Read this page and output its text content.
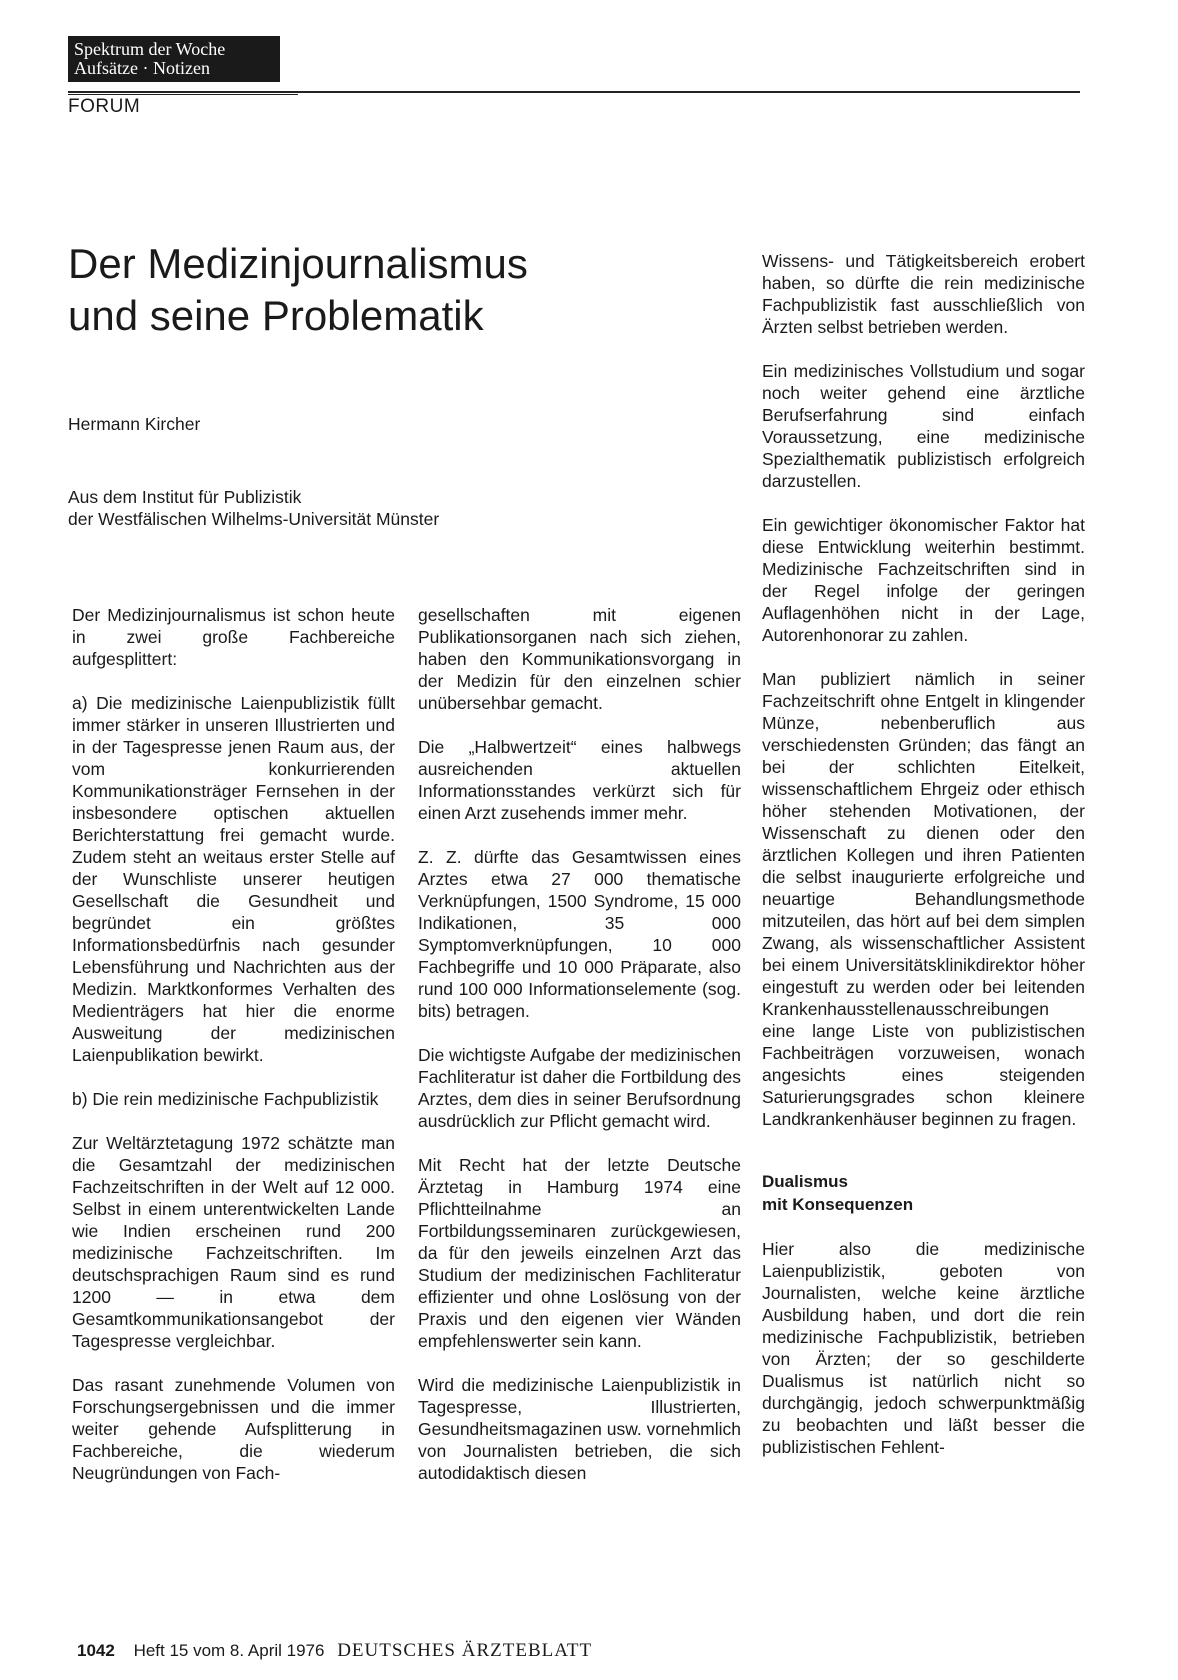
Spektrum der Woche
Aufsätze · Notizen
FORUM
Der Medizinjournalismus
und seine Problematik
Hermann Kircher
Aus dem Institut für Publizistik
der Westfälischen Wilhelms-Universität Münster

Der Medizinjournalismus ist schon heute in zwei große Fachbereiche aufgesplittert:

a) Die medizinische Laienpublizistik füllt immer stärker in unseren Illustrierten und in der Tagespresse jenen Raum aus, der vom konkurrierenden Kommunikationsträger Fernsehen in der insbesondere optischen aktuellen Berichterstattung frei gemacht wurde. Zudem steht an weitaus erster Stelle auf der Wunschliste unserer heutigen Gesellschaft die Gesundheit und begründet ein größtes Informationsbedürfnis nach gesunder Lebensführung und Nachrichten aus der Medizin. Marktkonformes Verhalten des Medienträgers hat hier die enorme Ausweitung der medizinischen Laienpublikation bewirkt.

b) Die rein medizinische Fachpublizistik

Zur Weltärztetagung 1972 schätzte man die Gesamtzahl der medizinischen Fachzeitschriften in der Welt auf 12 000. Selbst in einem unterentwickelten Lande wie Indien erscheinen rund 200 medizinische Fachzeitschriften. Im deutschsprachigen Raum sind es rund 1200 — in etwa dem Gesamtkommunikationsangebot der Tagespresse vergleichbar.

Das rasant zunehmende Volumen von Forschungsergebnissen und die immer weiter gehende Aufsplitterung in Fachbereiche, die wiederum Neugründungen von Fach-

gesellschaften mit eigenen Publikationsorganen nach sich ziehen, haben den Kommunikationsvorgang in der Medizin für den einzelnen schier unübersehbar gemacht.

Die „Halbwertzeit“ eines halbwegs ausreichenden aktuellen Informationsstandes verkürzt sich für einen Arzt zusehends immer mehr.

Z. Z. dürfte das Gesamtwissen eines Arztes etwa 27 000 thematische Verknüpfungen, 1500 Syndrome, 15 000 Indikationen, 35 000 Symptomverknüpfungen, 10 000 Fachbegriffe und 10 000 Präparate, also rund 100 000 Informationselemente (sog. bits) betragen.

Die wichtigste Aufgabe der medizinischen Fachliteratur ist daher die Fortbildung des Arztes, dem dies in seiner Berufsordnung ausdrücklich zur Pflicht gemacht wird.

Mit Recht hat der letzte Deutsche Ärztetag in Hamburg 1974 eine Pflichtteilnahme an Fortbildungsseminaren zurückgewiesen, da für den jeweils einzelnen Arzt das Studium der medizinischen Fachliteratur effizienter und ohne Loslösung von der Praxis und den eigenen vier Wänden empfehlenswerter sein kann.

Wird die medizinische Laienpublizistik in Tagespresse, Illustrierten, Gesundheitsmagazinen usw. vornehmlich von Journalisten betrieben, die sich autodidaktisch diesen

Wissens- und Tätigkeitsbereich erobert haben, so dürfte die rein medizinische Fachpublizistik fast ausschließlich von Ärzten selbst betrieben werden.

Ein medizinisches Vollstudium und sogar noch weiter gehend eine ärztliche Berufserfahrung sind einfach Voraussetzung, eine medizinische Spezialthematik publizistisch erfolgreich darzustellen.

Ein gewichtiger ökonomischer Faktor hat diese Entwicklung weiterhin bestimmt. Medizinische Fachzeitschriften sind in der Regel infolge der geringen Auflagenhöhen nicht in der Lage, Autorenhonorar zu zahlen.

Man publiziert nämlich in seiner Fachzeitschrift ohne Entgelt in klingender Münze, nebenberuflich aus verschiedensten Gründen; das fängt an bei der schlichten Eitelkeit, wissenschaftlichem Ehrgeiz oder ethisch höher stehenden Motivationen, der Wissenschaft zu dienen oder den ärztlichen Kollegen und ihren Patienten die selbst inaugurierte erfolgreiche und neuartige Behandlungsmethode mitzuteilen, das hört auf bei dem simplen Zwang, als wissenschaftlicher Assistent bei einem Universitätsklinikdirektor höher eingestuft zu werden oder bei leitenden Krankenhausstellenausschreibungen eine lange Liste von publizistischen Fachbeiträgen vorzuweisen, wonach angesichts eines steigenden Saturierungsgrades schon kleinere Landkrankenhäuser beginnen zu fragen.

Dualismus
mit Konsequenzen

Hier also die medizinische Laienpublizistik, geboten von Journalisten, welche keine ärztliche Ausbildung haben, und dort die rein medizinische Fachpublizistik, betrieben von Ärzten; der so geschilderte Dualismus ist natürlich nicht so durchgängig, jedoch schwerpunktmäßig zu beobachten und läßt besser die publizistischen Fehlent-

1042 Heft 15 vom 8. April 1976 DEUTSCHES ÄRZTEBLATT
